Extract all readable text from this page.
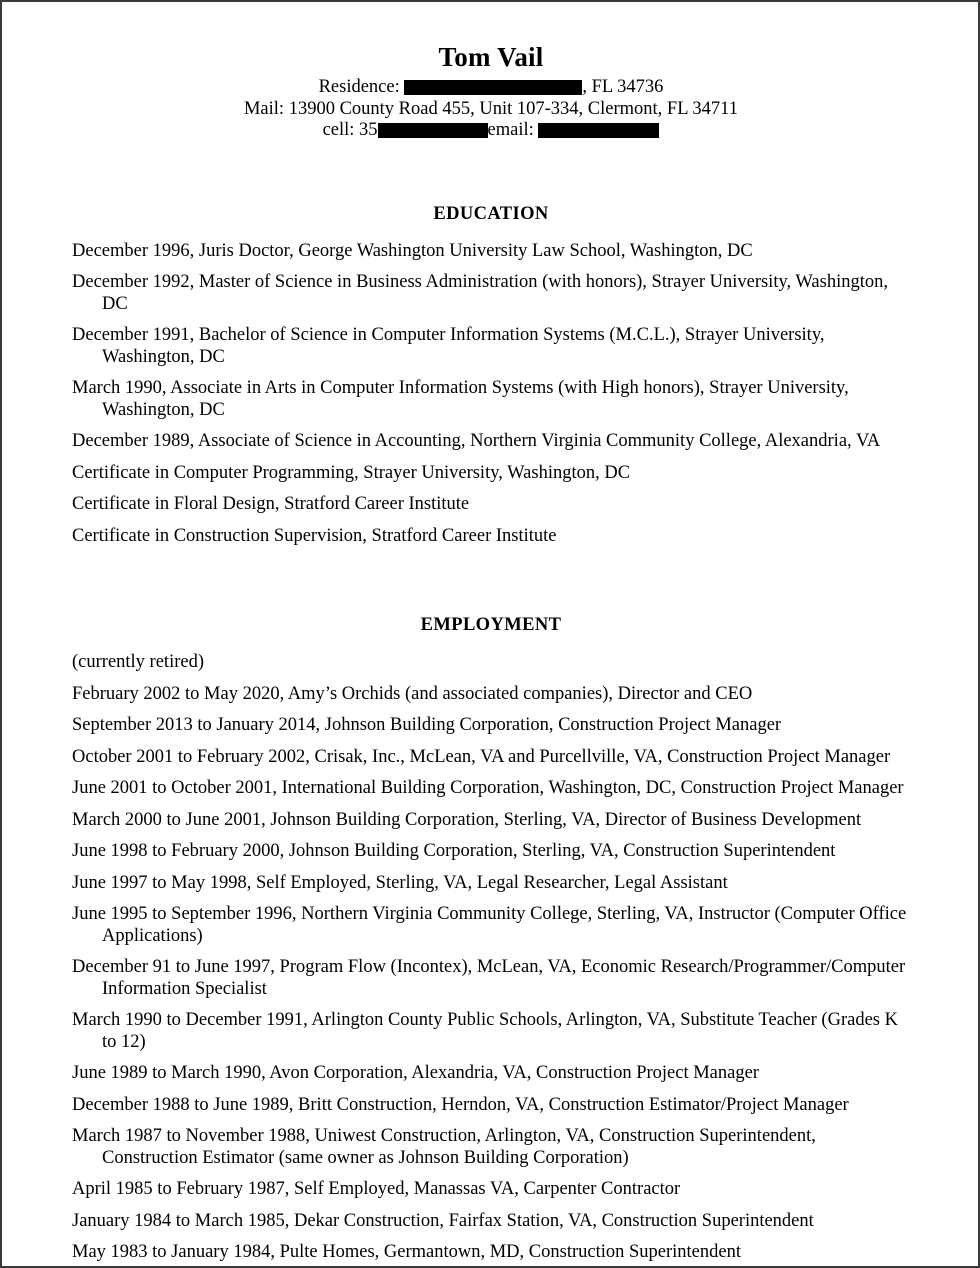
Tom Vail

Residence:	, FL 34736

Mail: 13900 County Road 455, Unit 107-334, Clermont, FL 34711

cell: 35	email:

EDUCATION
December 1996, Juris Doctor, George Washington University Law School, Washington, DC
December 1992, Master of Science in Business Administration (with honors), Strayer University, Washington, DC
December 1991, Bachelor of Science in Computer Information Systems (M.C.L.), Strayer University, Washington, DC
March 1990, Associate in Arts in Computer Information Systems (with High honors), Strayer University, Washington, DC
December 1989, Associate of Science in Accounting, Northern Virginia Community College, Alexandria, VA
Certificate in Computer Programming, Strayer University, Washington, DC
Certificate in Floral Design, Stratford Career Institute
Certificate in Construction Supervision, Stratford Career Institute
EMPLOYMENT

(currently retired)

February 2002 to May 2020, Amy’s Orchids (and associated companies), Director and CEO
September 2013 to January 2014, Johnson Building Corporation, Construction Project Manager
October 2001 to February 2002, Crisak, Inc., McLean, VA and Purcellville, VA, Construction Project Manager
June 2001 to October 2001, International Building Corporation, Washington, DC, Construction Project Manager
March 2000 to June 2001, Johnson Building Corporation, Sterling, VA, Director of Business Development
June 1998 to February 2000, Johnson Building Corporation, Sterling, VA, Construction Superintendent
June 1997 to May 1998, Self Employed, Sterling, VA, Legal Researcher, Legal Assistant
June 1995 to September 1996, Northern Virginia Community College, Sterling, VA, Instructor (Computer Office Applications)
December 91 to June 1997, Program Flow (Incontex), McLean, VA, Economic Research/Programmer/Computer Information Specialist
March 1990 to December 1991, Arlington County Public Schools, Arlington, VA, Substitute Teacher (Grades K to 12)
June 1989 to March 1990, Avon Corporation, Alexandria, VA, Construction Project Manager
December 1988 to June 1989, Britt Construction, Herndon, VA, Construction Estimator/Project Manager
March 1987 to November 1988, Uniwest Construction, Arlington, VA, Construction Superintendent, Construction Estimator (same owner as Johnson Building Corporation)
April 1985 to February 1987, Self Employed, Manassas VA, Carpenter Contractor
January 1984 to March 1985, Dekar Construction, Fairfax Station, VA, Construction Superintendent
May 1983 to January 1984, Pulte Homes, Germantown, MD, Construction Superintendent
